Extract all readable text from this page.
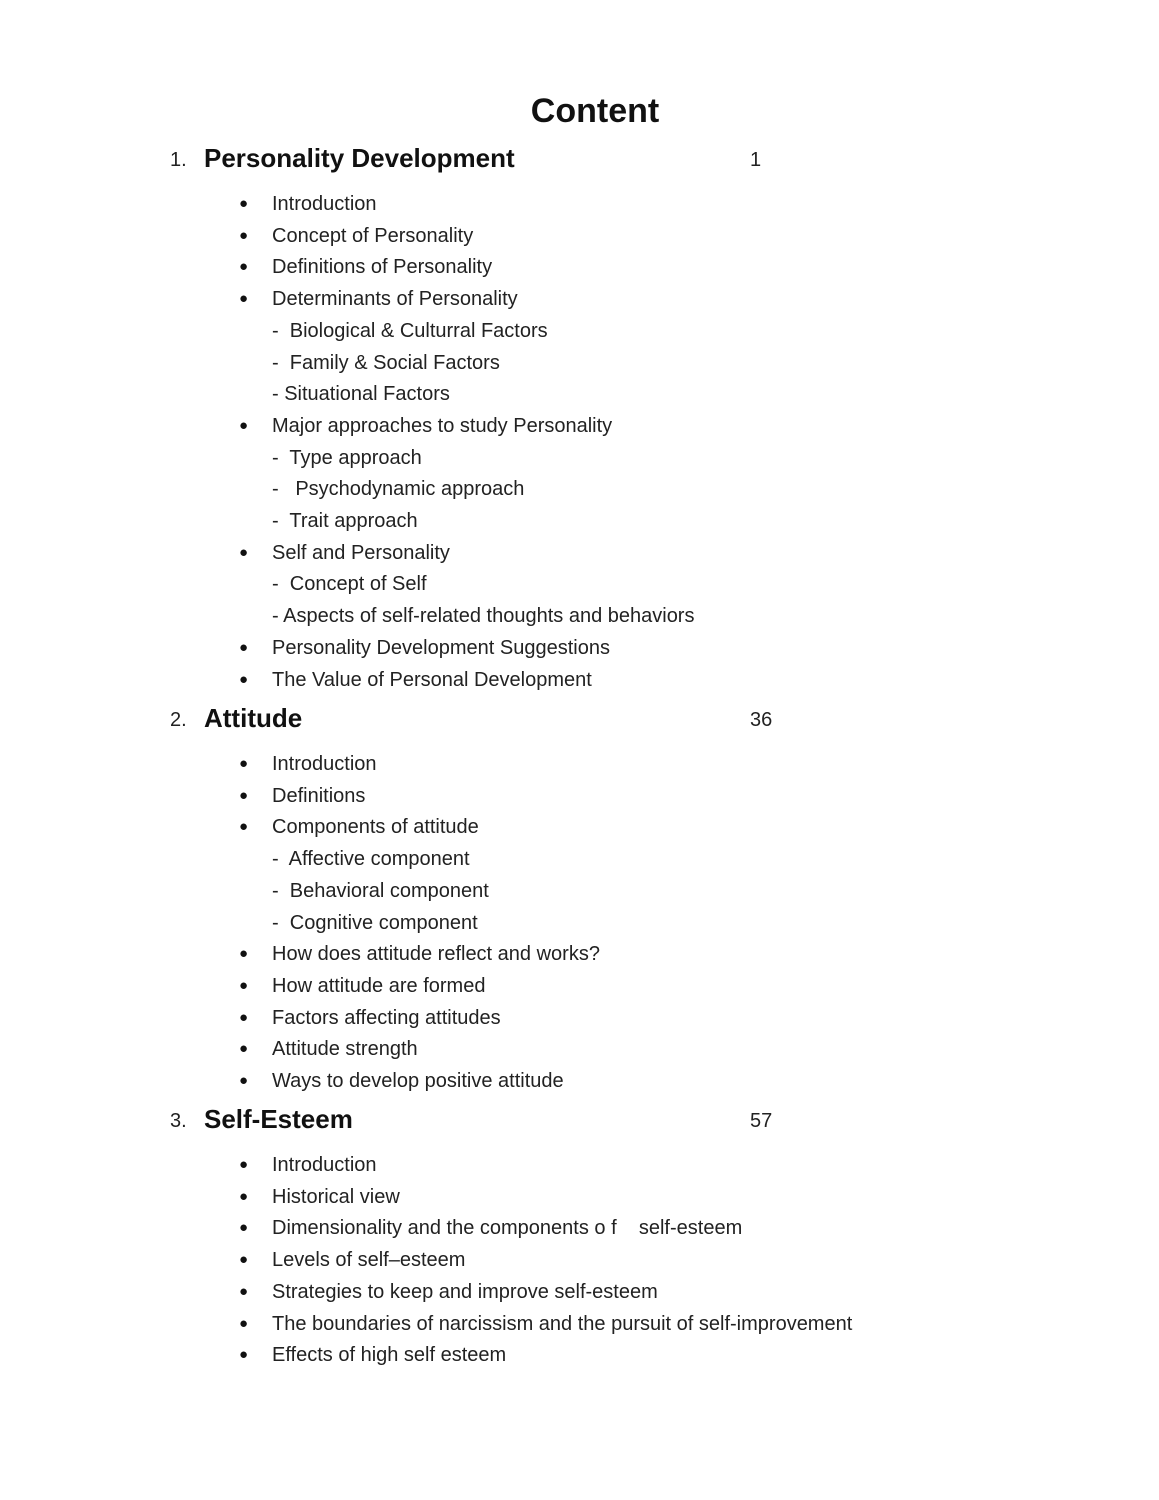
Content
1. Personality Development	1
● Introduction
● Concept of Personality
● Definitions of Personality
● Determinants of Personality
-  Biological & Culturral Factors
-  Family & Social Factors
- Situational Factors
● Major approaches to study Personality
-  Type approach
-   Psychodynamic approach
-  Trait approach
● Self and Personality
-  Concept of Self
- Aspects of self-related thoughts and behaviors
● Personality Development Suggestions
● The Value of Personal Development
2. Attitude	36
● Introduction
● Definitions
● Components of attitude
-  Affective component
-  Behavioral component
-  Cognitive component
● How does attitude reflect and works?
● How attitude are formed
● Factors affecting attitudes
● Attitude strength
● Ways to develop positive attitude
3. Self-Esteem	57
● Introduction
● Historical view
● Dimensionality and the components o f    self-esteem
● Levels of self–esteem
● Strategies to keep and improve self-esteem
● The boundaries of narcissism and the pursuit of self-improvement
● Effects of high self esteem
